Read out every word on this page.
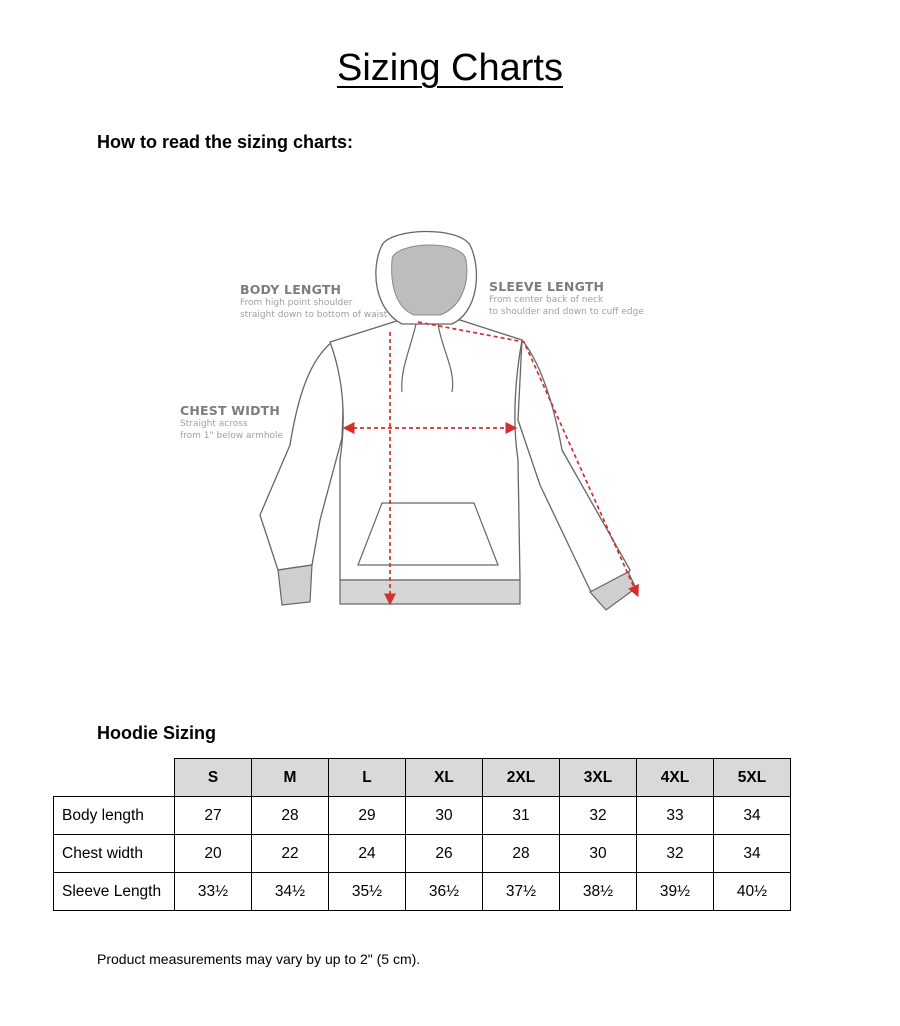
Sizing Charts
How to read the sizing charts:
BODY LENGTH
From high point shoulder
straight down to bottom of waist
SLEEVE LENGTH
From center back of neck
to shoulder and down to cuff edge
CHEST WIDTH
Straight across
from 1" below armhole
Hoodie Sizing
	S	M	L	XL	2XL	3XL	4XL	5XL
Body length	27	28	29	30	31	32	33	34
Chest width	20	22	24	26	28	30	32	34
Sleeve Length	33½	34½	35½	36½	37½	38½	39½	40½
Product measurements may vary by up to 2" (5 cm).
